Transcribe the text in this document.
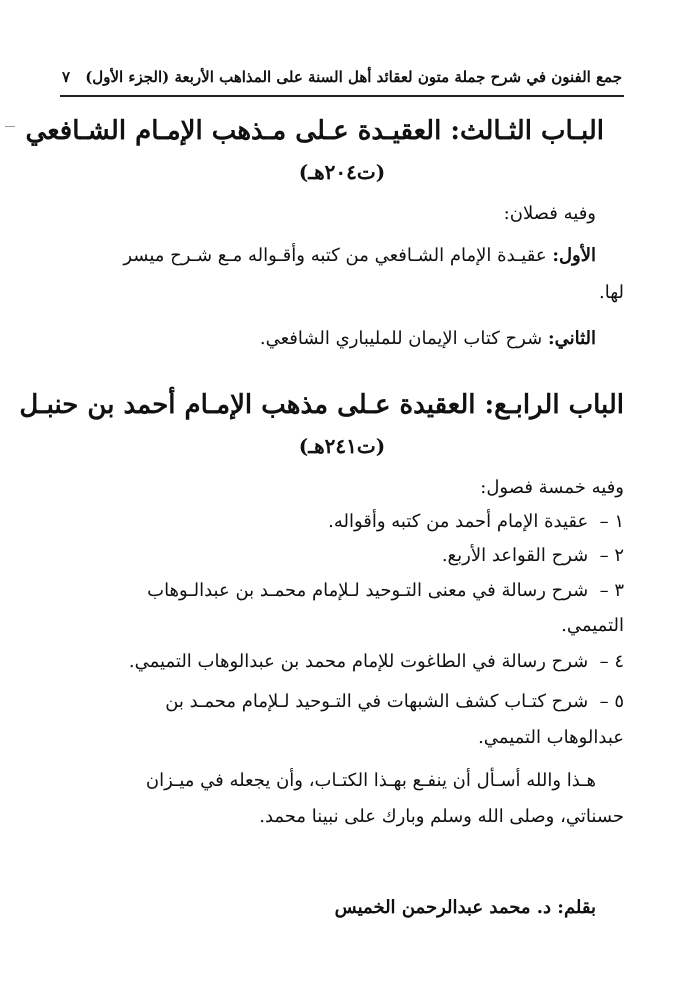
جمع الفنون في شرح جملة متون لعقائد أهل السنة على المذاهب الأربعة (الجزء الأول)
٧
البـاب الثـالث: العقيـدة عـلى مـذهب الإمـام الشـافعي
(ت٢٠٤هـ)
وفيه فصلان:
الأول: عقيـدة الإمام الشـافعي من كتبه وأقـواله مـع شـرح ميسر
لها.
الثاني: شرح كتاب الإيمان للمليباري الشافعي.
الباب الرابـع: العقيدة عـلى مذهب الإمـام أحمد بن حنبـل
(ت٢٤١هـ)
وفيه خمسة فصول:
١ – عقيدة الإمام أحمد من كتبه وأقواله.
٢ – شرح القواعد الأربع.
٣ – شرح رسالة في معنى التـوحيد لـلإمام محمـد بن عبدالـوهاب
التميمي.
٤ – شرح رسالة في الطاغوت للإمام محمد بن عبدالوهاب التميمي.
٥ – شرح كتـاب كشف الشبهات في التـوحيد لـلإمام محمـد بن
عبدالوهاب التميمي.
هـذا والله أسـأل أن ينفـع بهـذا الكتـاب، وأن يجعله في ميـزان
حسناتي، وصلى الله وسلم وبارك على نبينا محمد.
بقلم: د. محمد عبدالرحمن الخميس
